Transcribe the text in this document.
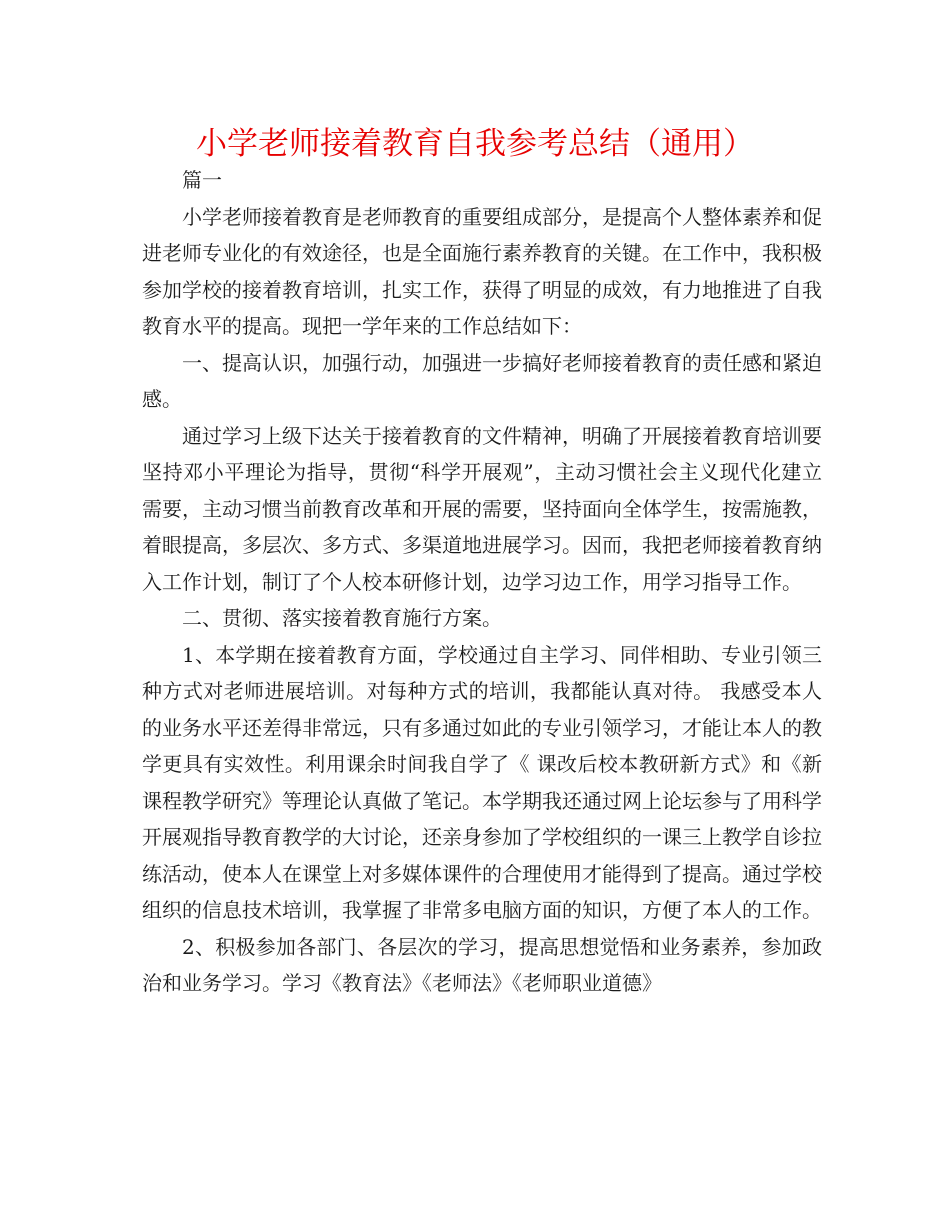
小学老师接着教育自我参考总结（通用）

篇一

小学老师接着教育是老师教育的重要组成部分，是提高个人整体素养和促进老师专业化的有效途径，也是全面施行素养教育的关键。在工作中，我积极参加学校的接着教育培训，扎实工作，获得了明显的成效，有力地推进了自我教育水平的提高。现把一学年来的工作总结如下：

一、提高认识，加强行动，加强进一步搞好老师接着教育的责任感和紧迫感。

通过学习上级下达关于接着教育的文件精神，明确了开展接着教育培训要坚持邓小平理论为指导，贯彻“科学开展观”，主动习惯社会主义现代化建立需要，主动习惯当前教育改革和开展的需要，坚持面向全体学生，按需施教，着眼提高，多层次、多方式、多渠道地进展学习。因而，我把老师接着教育纳入工作计划，制订了个人校本研修计划，边学习边工作，用学习指导工作。

二、贯彻、落实接着教育施行方案。

1、本学期在接着教育方面，学校通过自主学习、同伴相助、专业引领三种方式对老师进展培训。对每种方式的培训，我都能认真对待。 我感受本人的业务水平还差得非常远，只有多通过如此的专业引领学习，才能让本人的教学更具有实效性。利用课余时间我自学了《 课改后校本教研新方式》和《新课程教学研究》等理论认真做了笔记。本学期我还通过网上论坛参与了用科学开展观指导教育教学的大讨论，还亲身参加了学校组织的一课三上教学自诊拉练活动，使本人在课堂上对多媒体课件的合理使用才能得到了提高。通过学校组织的信息技术培训，我掌握了非常多电脑方面的知识，方便了本人的工作。

2、积极参加各部门、各层次的学习，提高思想觉悟和业务素养，参加政治和业务学习。学习《教育法》《老师法》《老师职业道德》
